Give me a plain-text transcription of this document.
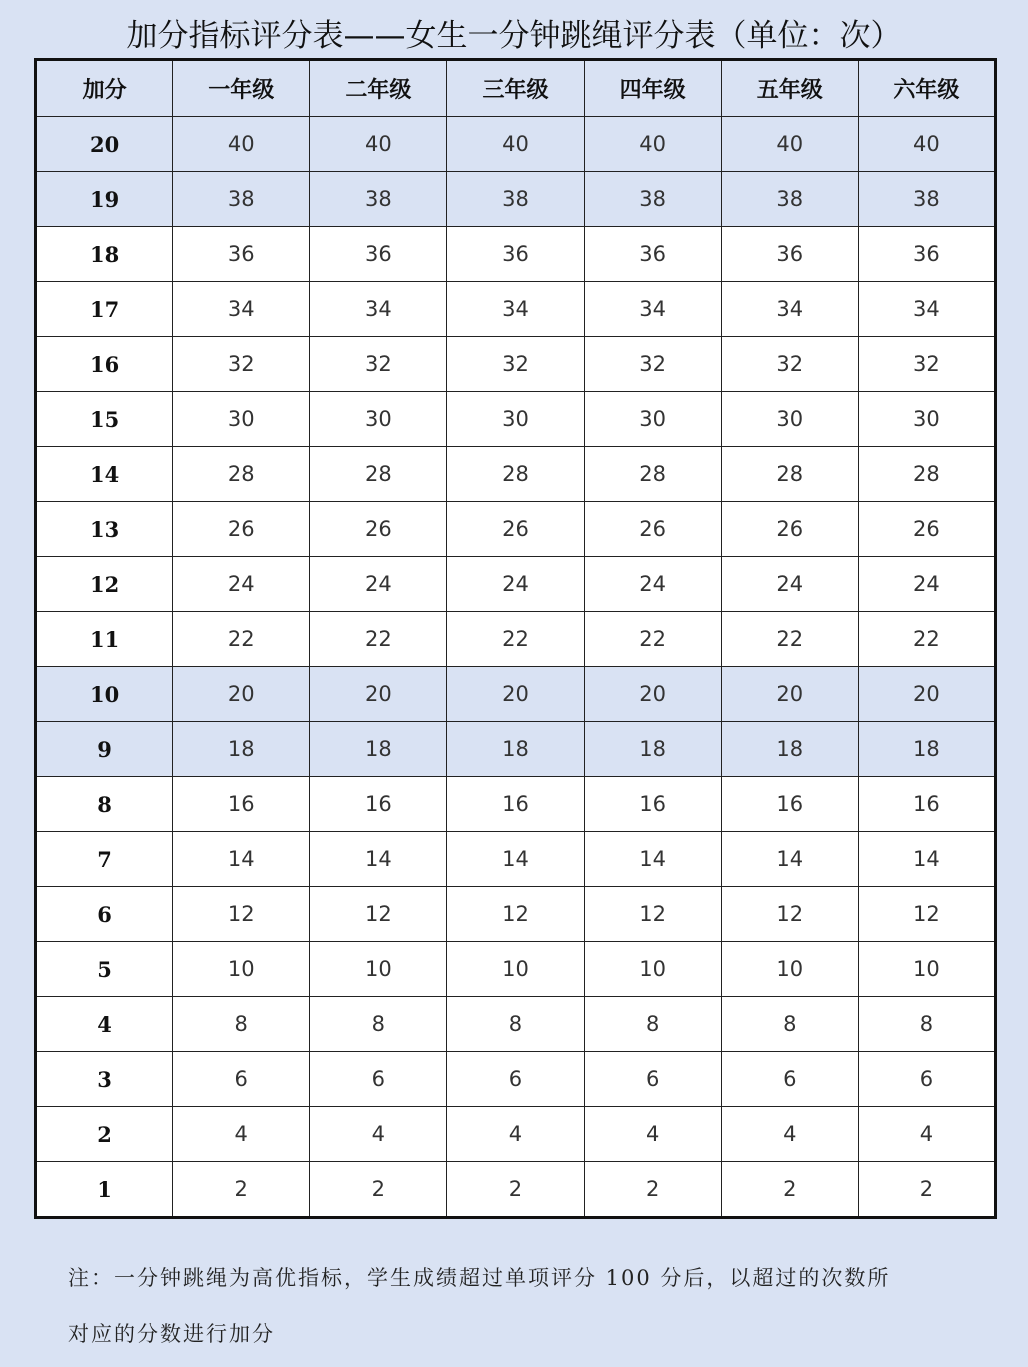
加分指标评分表——女生一分钟跳绳评分表（单位：次）
加分	一年级	二年级	三年级	四年级	五年级	六年级
20	40	40	40	40	40	40
19	38	38	38	38	38	38
18	36	36	36	36	36	36
17	34	34	34	34	34	34
16	32	32	32	32	32	32
15	30	30	30	30	30	30
14	28	28	28	28	28	28
13	26	26	26	26	26	26
12	24	24	24	24	24	24
11	22	22	22	22	22	22
10	20	20	20	20	20	20
9	18	18	18	18	18	18
8	16	16	16	16	16	16
7	14	14	14	14	14	14
6	12	12	12	12	12	12
5	10	10	10	10	10	10
4	8	8	8	8	8	8
3	6	6	6	6	6	6
2	4	4	4	4	4	4
1	2	2	2	2	2	2
注：一分钟跳绳为高优指标，学生成绩超过单项评分 100 分后，以超过的次数所
对应的分数进行加分
